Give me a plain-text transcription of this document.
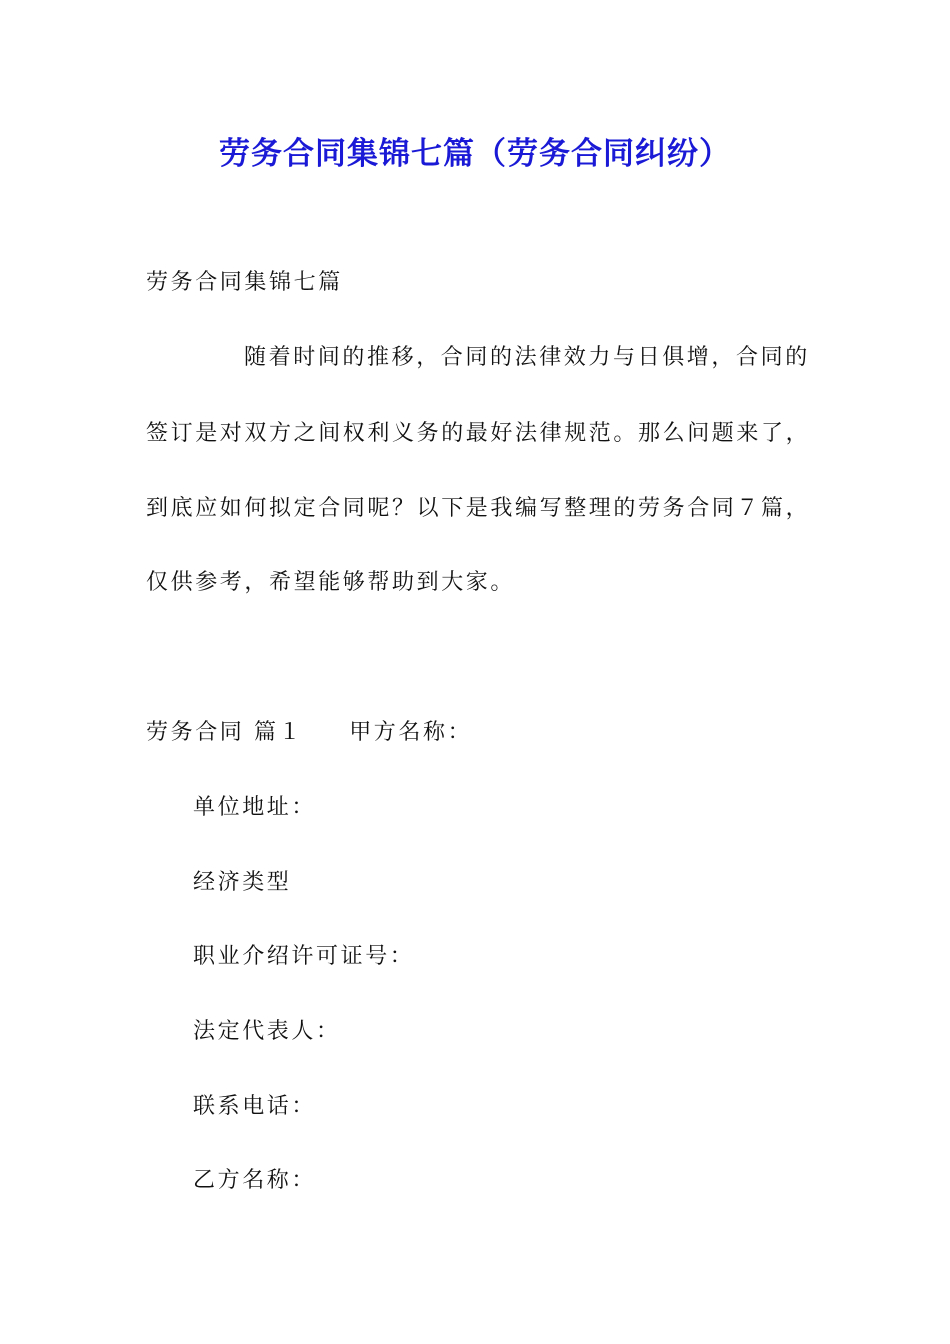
劳务合同集锦七篇（劳务合同纠纷）
劳务合同集锦七篇
随着时间的推移，合同的法律效力与日俱增，合同的
签订是对双方之间权利义务的最好法律规范。那么问题来了，
到底应如何拟定合同呢？以下是我编写整理的劳务合同７篇，
仅供参考，希望能够帮助到大家。
劳务合同 篇１ 甲方名称：
单位地址：
经济类型
职业介绍许可证号：
法定代表人：
联系电话：
乙方名称：
